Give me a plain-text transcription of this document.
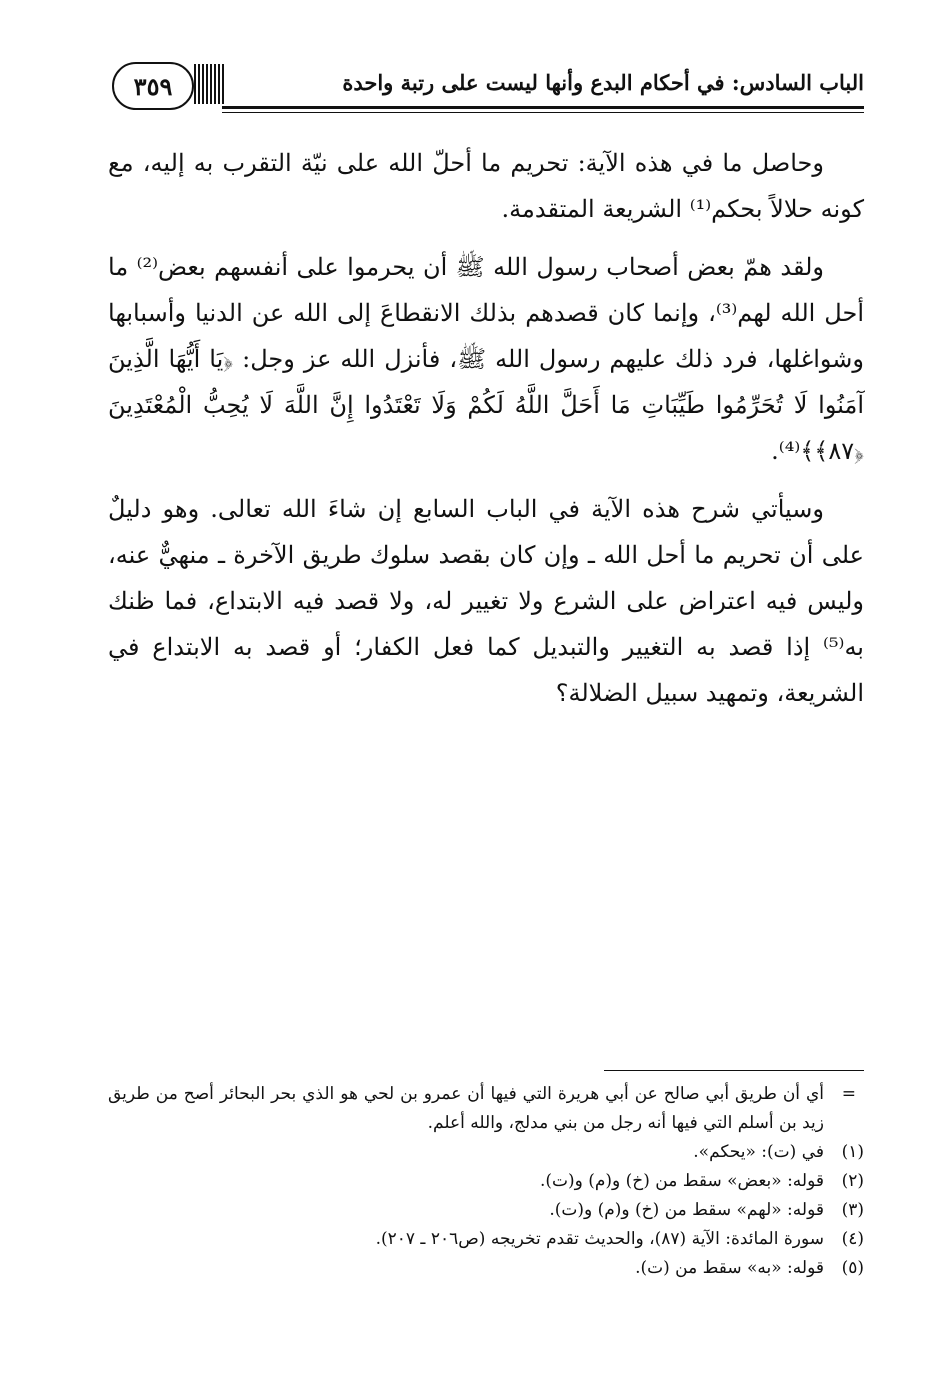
٣٥٩	الباب السادس: في أحكام البدع وأنها ليست على رتبة واحدة

وحاصل ما في هذه الآية: تحريم ما أحلّ الله على نيّة التقرب به إليه، مع كونه حلالاً بحكم⁽¹⁾ الشريعة المتقدمة.

ولقد همّ بعض أصحاب رسول الله ﷺ أن يحرموا على أنفسهم بعض⁽²⁾ ما أحل الله لهم⁽³⁾، وإنما كان قصدهم بذلك الانقطاعَ إلى الله عن الدنيا وأسبابها وشواغلها، فرد ذلك عليهم رسول الله ﷺ، فأنزل الله عز وجل: ﴿يَا أَيُّهَا الَّذِينَ آمَنُوا لَا تُحَرِّمُوا طَيِّبَاتِ مَا أَحَلَّ اللَّهُ لَكُمْ وَلَا تَعْتَدُوا إِنَّ اللَّهَ لَا يُحِبُّ الْمُعْتَدِينَ ﴿٨٧﴾﴾⁽⁴⁾.

وسيأتي شرح هذه الآية في الباب السابع إن شاءَ الله تعالى. وهو دليلٌ على أن تحريم ما أحل الله ـ وإن كان بقصد سلوك طريق الآخرة ـ منهيٌّ عنه، وليس فيه اعتراض على الشرع ولا تغيير له، ولا قصد فيه الابتداع، فما ظنك به⁽⁵⁾ إذا قصد به التغيير والتبديل كما فعل الكفار؛ أو قصد به الابتداع في الشريعة، وتمهيد سبيل الضلالة؟

=
أي أن طريق أبي صالح عن أبي هريرة التي فيها أن عمرو بن لحي هو الذي بحر البحائر أصح من طريق زيد بن أسلم التي فيها أنه رجل من بني مدلج، والله أعلم.
(١)
في (ت): «يحكم».
(٢)
قوله: «بعض» سقط من (خ) و(م) و(ت).
(٣)
قوله: «لهم» سقط من (خ) و(م) و(ت).
(٤)
سورة المائدة: الآية (٨٧)، والحديث تقدم تخريجه (ص٢٠٦ ـ ٢٠٧).
(٥)
قوله: «به» سقط من (ت).
